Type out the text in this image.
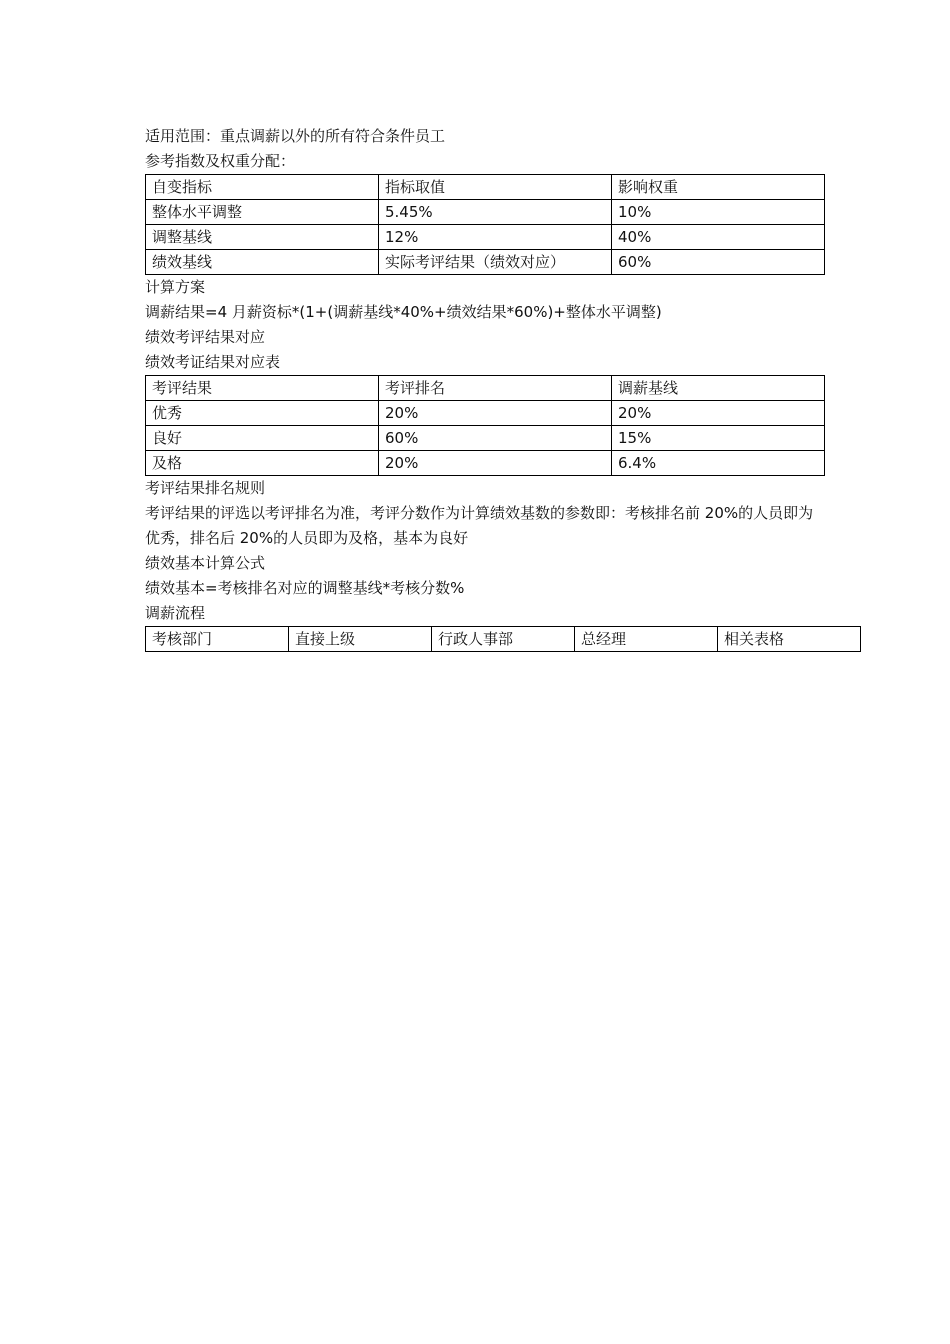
适用范围：重点调薪以外的所有符合条件员工
参考指数及权重分配：
自变指标	指标取值	影响权重
整体水平调整	5.45%	10%
调整基线	12%	40%
绩效基线	实际考评结果（绩效对应）	60%
计算方案
调薪结果=4 月薪资标*(1+(调薪基线*40%+绩效结果*60%)+整体水平调整)
绩效考评结果对应
绩效考证结果对应表
考评结果	考评排名	调薪基线
优秀	20%	20%
良好	60%	15%
及格	20%	6.4%
考评结果排名规则
考评结果的评选以考评排名为准，考评分数作为计算绩效基数的参数即：考核排名前 20%的人员即为优秀，排名后 20%的人员即为及格，基本为良好
绩效基本计算公式
绩效基本=考核排名对应的调整基线*考核分数%
调薪流程
考核部门	直接上级	行政人事部	总经理	相关表格
